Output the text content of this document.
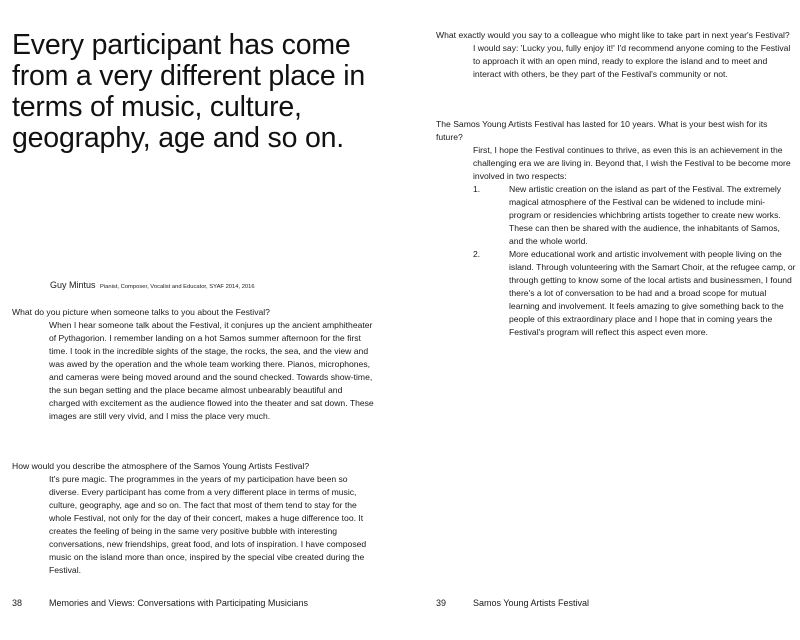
Every participant has come from a very different place in terms of music, culture, geography, age and so on.
Guy Mintus Pianist, Composer, Vocalist and Educator, SYAF 2014, 2016

What do you picture when someone talks to you about the Festival?

When I hear someone talk about the Festival, it conjures up the ancient amphitheater of Pythagorion. I remember landing on a hot Samos summer afternoon for the first time. I took in the incredible sights of the stage, the rocks, the sea, and the view and was awed by the operation and the whole team working there. Pianos, microphones, and cameras were being moved around and the sound checked. Towards show-time, the sun began setting and the place became almost unbearably beautiful and charged with excitement as the audience flowed into the theater and sat down. These images are still very vivid, and I miss the place very much.

How would you describe the atmosphere of the Samos Young Artists Festival?

It's pure magic. The programmes in the years of my participation have been so diverse. Every participant has come from a very different place in terms of music, culture, geography, age and so on. The fact that most of them tend to stay for the whole Festival, not only for the day of their concert, makes a huge difference too. It creates the feeling of being in the same very positive bubble with interesting conversations, new friendships, great food, and lots of inspiration. I have composed music on the island more than once, inspired by the special vibe created during the Festival.

38	Memories and Views: Conversations with Participating Musicians

What exactly would you say to a colleague who might like to take part in next year's Festival?

I would say: 'Lucky you, fully enjoy it!' I'd recommend anyone coming to the Festival to approach it with an open mind, ready to explore the island and to meet and interact with others, be they part of the Festival's community or not.

The Samos Young Artists Festival has lasted for 10 years. What is your best wish for its future?

First, I hope the Festival continues to thrive, as even this is an achievement in the challenging era we are living in. Beyond that, I wish the Festival to be become more involved in two respects:
1.	New artistic creation on the island as part of the Festival. The extremely magical atmosphere of the Festival can be widened to include mini-program or residencies whichbring artists together to create new works. These can then be shared with the audience, the inhabitants of Samos, and the whole world.
2.	More educational work and artistic involvement with people living on the island. Through volunteering with the Samart Choir, at the refugee camp, or through getting to know some of the local artists and businessmen, I found there's a lot of conversation to be had and a broad scope for mutual learning and involvement. It feels amazing to give something back to the people of this extraordinary place and I hope that in coming years the Festival's program will reflect this aspect even more.
39	Samos Young Artists Festival
